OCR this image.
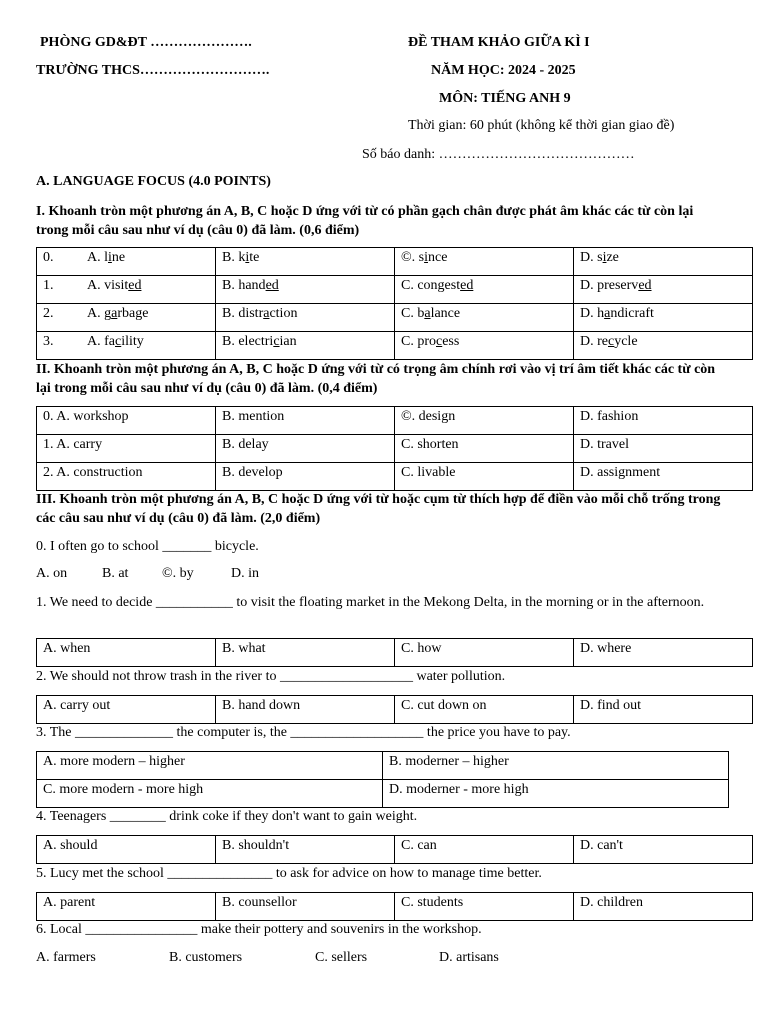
PHÒNG GD&ĐT ………………….
TRƯỜNG THCS……………………….
ĐỀ THAM KHẢO GIỮA KÌ I
NĂM HỌC: 2024 - 2025
MÔN: TIẾNG ANH 9
Thời gian: 60 phút (không kể thời gian giao đề)
Số báo danh: ……………………………………
A. LANGUAGE FOCUS (4.0 POINTS)
I. Khoanh tròn một phương án A, B, C hoặc D ứng với từ có phần gạch chân được phát âm khác các từ còn lại trong mỗi câu sau như ví dụ (câu 0) đã làm. (0,6 điểm)
0. A. line	B. kite	©. since	D. size
1. A. visited	B. handed	C. congested	D. preserved
2. A. garbage	B. distraction	C. balance	D. handicraft
3. A. facility	B. electrician	C. process	D. recycle
II. Khoanh tròn một phương án A, B, C hoặc D ứng với từ có trọng âm chính rơi vào vị trí âm tiết khác các từ còn lại trong mỗi câu sau như ví dụ (câu 0) đã làm. (0,4 điểm)
0. A. workshop	B. mention	©. design	D. fashion
1. A. carry	B. delay	C. shorten	D. travel
2. A. construction	B. develop	C. livable	D. assignment
III. Khoanh tròn một phương án A, B, C hoặc D ứng với từ hoặc cụm từ thích hợp để điền vào mỗi chỗ trống trong các câu sau như ví dụ (câu 0) đã làm. (2,0 điểm)
0. I often go to school _______ bicycle.
A. on B. at ©. by	D. in
1. We need to decide ___________ to visit the floating market in the Mekong Delta, in the morning or in the afternoon.
A. when	B. what	C. how	D. where
2. We should not throw trash in the river to ___________________ water pollution.
A. carry out	B. hand down	C. cut down on	D. find out
3. The ______________ the computer is, the ___________________ the price you have to pay.
A. more modern – higher	B. moderner – higher
C. more modern - more high	D. moderner - more high
4. Teenagers ________ drink coke if they don't want to gain weight.
A. should	B. shouldn't	C. can	D. can't
5. Lucy met the school _______________ to ask for advice on how to manage time better.
A. parent	B. counsellor	C. students	D. children
6. Local ________________ make their pottery and souvenirs in the workshop.
A. farmers	B. customers	C. sellers	D. artisans
